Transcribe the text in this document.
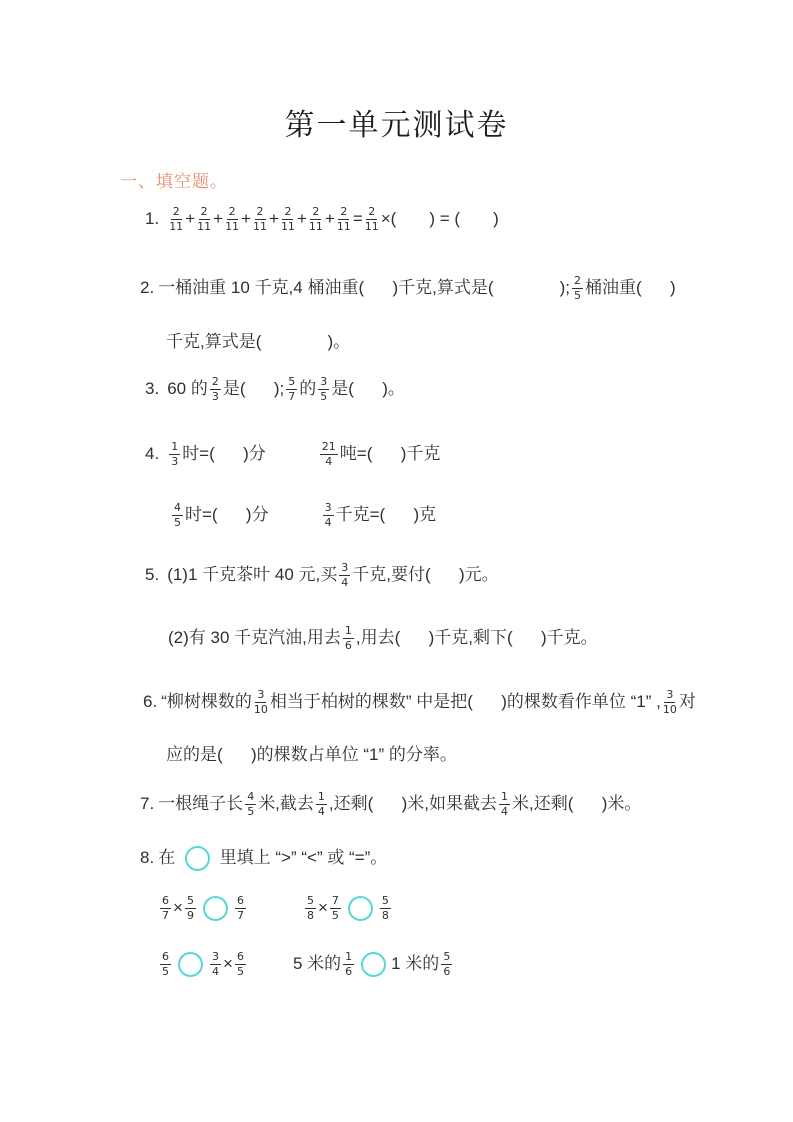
第一单元测试卷
一、填空题。
1. $\frac{2}{11} + \frac{2}{11} + \frac{2}{11} + \frac{2}{11} + \frac{2}{11} + \frac{2}{11} + \frac{2}{11} = \frac{2}{11}$ ×(       ) = (       )
2. 一桶油重 10 千克,4 桶油重(      )千克,算式是(              ); $\frac{2}{5}$ 桶油重(      )
千克,算式是(              )。
3. 60 的 $\frac{2}{3}$ 是(      ); $\frac{5}{7}$ 的 $\frac{3}{5}$ 是(      )。
4. $\frac{1}{3}$ 时=(      )分	$\frac{21}{4}$ 吨=(      )千克
$\frac{4}{5}$ 时=(      )分	$\frac{3}{4}$ 千克=(      )克
5. (1)1 千克茶叶 40 元,买 $\frac{3}{4}$ 千克,要付(      )元。
(2)有 30 千克汽油,用去 $\frac{1}{6}$ ,用去(      )千克,剩下(      )千克。
6. “柳树棵数的 $\frac{3}{10}$ 相当于柏树的棵数” 中是把(      )的棵数看作单位 “1” , $\frac{3}{10}$ 对
应的是(      )的棵数占单位 “1” 的分率。
7. 一根绳子长 $\frac{4}{5}$ 米,截去 $\frac{1}{4}$ ,还剩(      )米,如果截去 $\frac{1}{4}$ 米,还剩(      )米。
8. 在 里填上 “>” “<” 或 “=”。
$\frac{6}{7} \times \frac{5}{9}$	$\frac{6}{7}$	$\frac{5}{8} \times \frac{7}{5}$	$\frac{5}{8}$
$\frac{6}{5}$	$\frac{3}{4} \times \frac{6}{5}$	5 米的 $\frac{1}{6} 1$ 米的 $\frac{5}{6}$
